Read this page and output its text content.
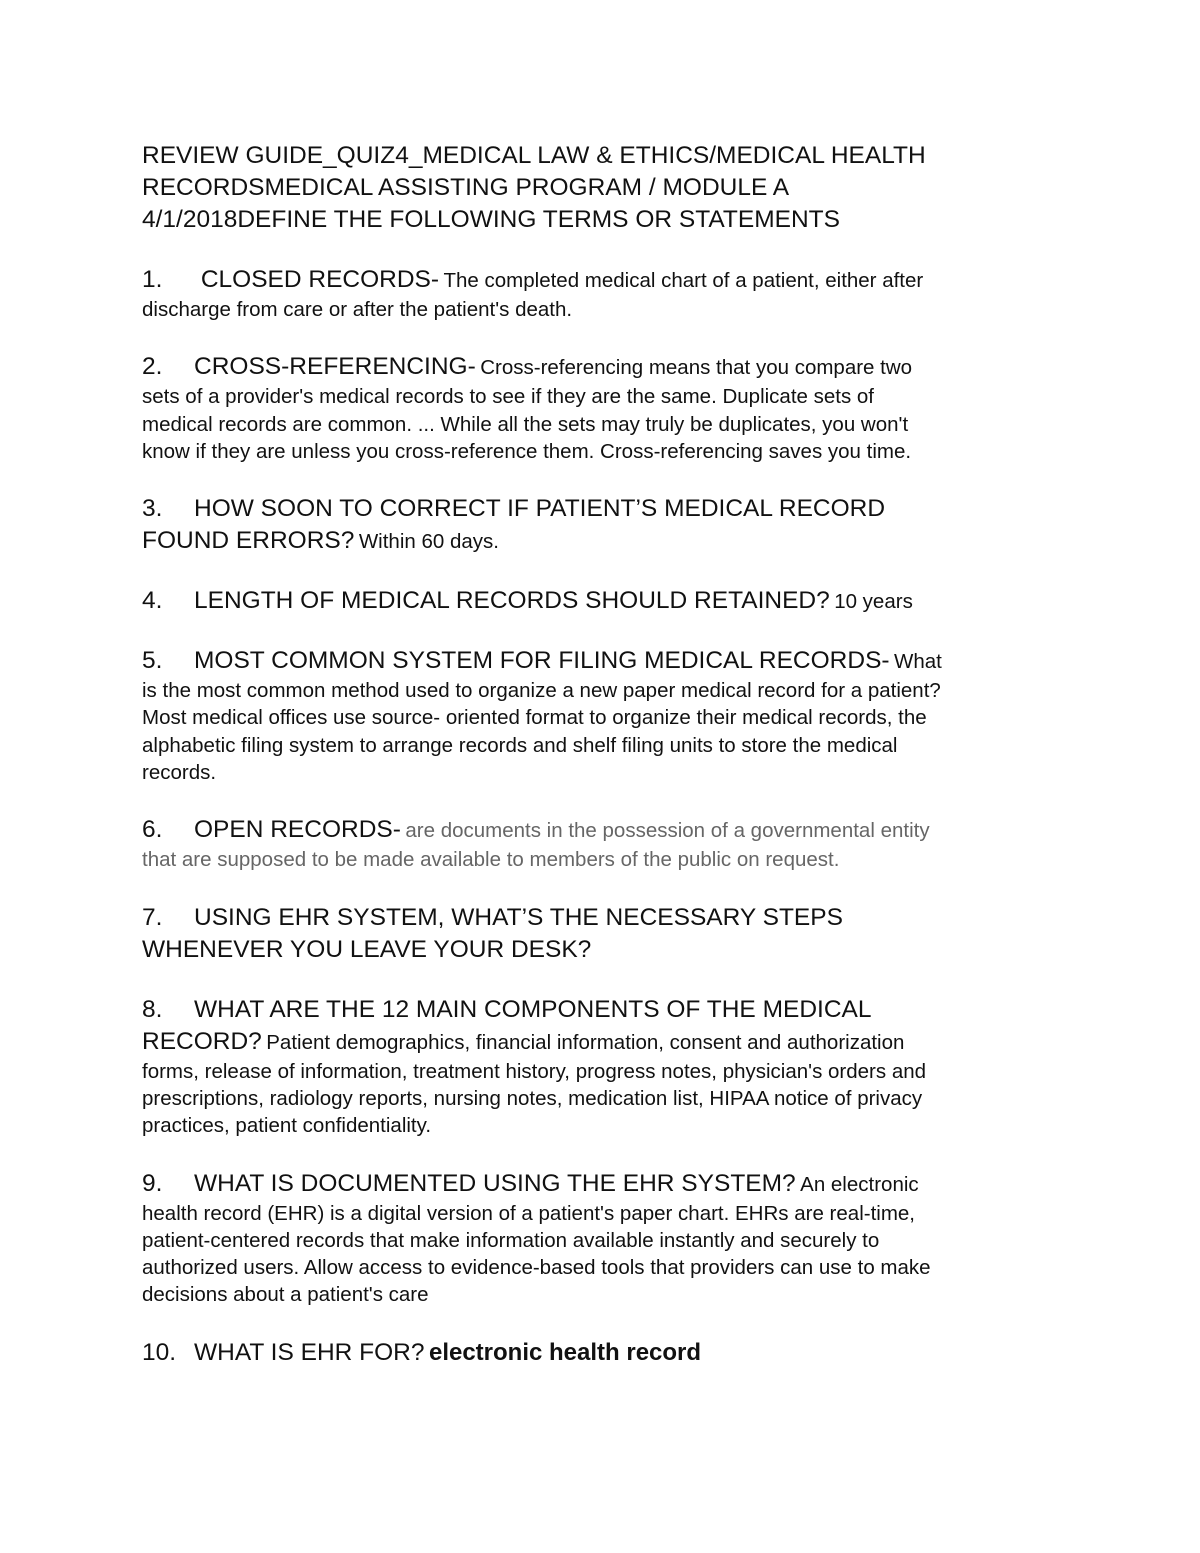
REVIEW GUIDE_QUIZ4_MEDICAL LAW & ETHICS/MEDICAL HEALTH
RECORDSMEDICAL ASSISTING PROGRAM / MODULE A
4/1/2018DEFINE THE FOLLOWING TERMS OR STATEMENTS
1. CLOSED RECORDS- The completed medical chart of a patient, either after
discharge from care or after the patient's death.
2. CROSS-REFERENCING- Cross-referencing means that you compare two
sets of a provider's medical records to see if they are the same. Duplicate sets of
medical records are common. ... While all the sets may truly be duplicates, you won't
know if they are unless you cross-reference them. Cross-referencing saves you time.
3. HOW SOON TO CORRECT IF PATIENT’S MEDICAL RECORD
FOUND ERRORS? Within 60 days.
4. LENGTH OF MEDICAL RECORDS SHOULD RETAINED? 10 years
5. MOST COMMON SYSTEM FOR FILING MEDICAL RECORDS- What
is the most common method used to organize a new paper medical record for a patient?
Most medical offices use source- oriented format to organize their medical records, the
alphabetic filing system to arrange records and shelf filing units to store the medical
records.
6. OPEN RECORDS- are documents in the possession of a governmental entity
that are supposed to be made available to members of the public on request.
7. USING EHR SYSTEM, WHAT’S THE NECESSARY STEPS
WHENEVER YOU LEAVE YOUR DESK?
8. WHAT ARE THE 12 MAIN COMPONENTS OF THE MEDICAL
RECORD? Patient demographics, financial information, consent and authorization
forms, release of information, treatment history, progress notes, physician's orders and
prescriptions, radiology reports, nursing notes, medication list, HIPAA notice of privacy
practices, patient confidentiality.
9. WHAT IS DOCUMENTED USING THE EHR SYSTEM? An electronic
health record (EHR) is a digital version of a patient's paper chart. EHRs are real-time,
patient-centered records that make information available instantly and securely to
authorized users. Allow access to evidence-based tools that providers can use to make
decisions about a patient's care
10. WHAT IS EHR FOR? electronic health record
